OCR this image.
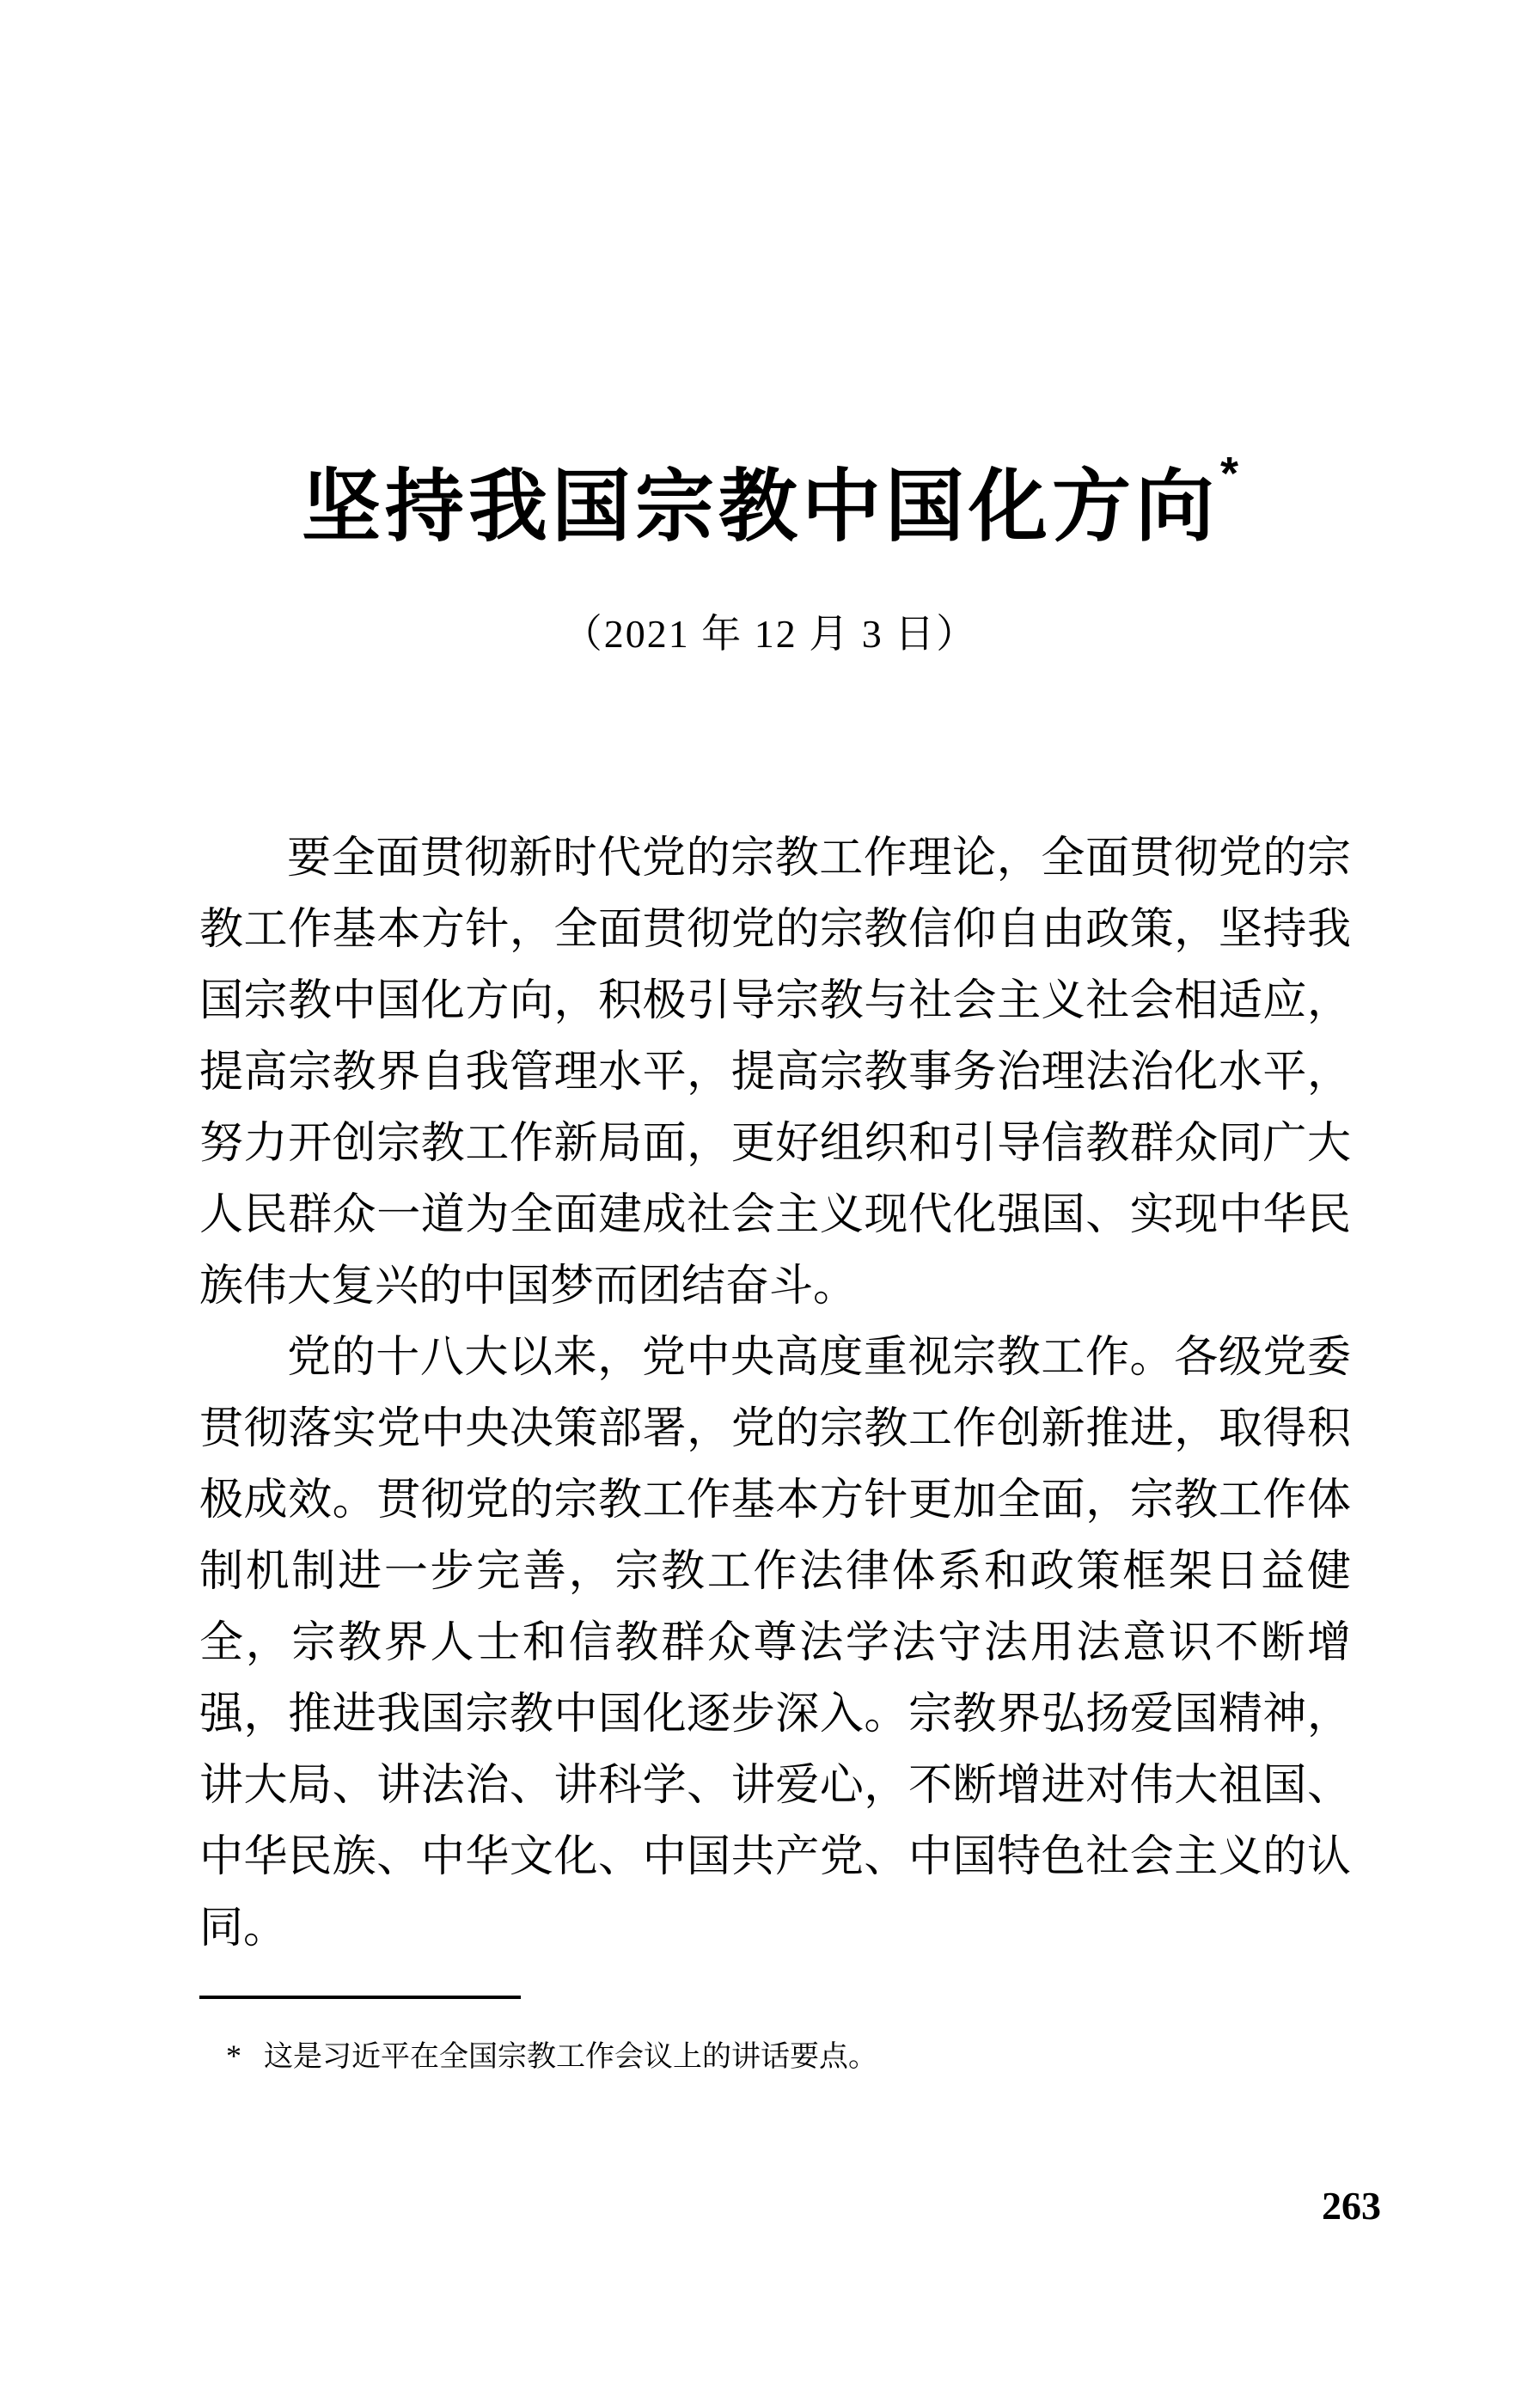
坚持我国宗教中国化方向*
（2021 年 12 月 3 日）

要全面贯彻新时代党的宗教工作理论，全面贯彻党的宗教工作基本方针，全面贯彻党的宗教信仰自由政策，坚持我国宗教中国化方向，积极引导宗教与社会主义社会相适应，提高宗教界自我管理水平，提高宗教事务治理法治化水平，努力开创宗教工作新局面，更好组织和引导信教群众同广大人民群众一道为全面建成社会主义现代化强国、实现中华民族伟大复兴的中国梦而团结奋斗。

党的十八大以来，党中央高度重视宗教工作。各级党委贯彻落实党中央决策部署，党的宗教工作创新推进，取得积极成效。贯彻党的宗教工作基本方针更加全面，宗教工作体制机制进一步完善，宗教工作法律体系和政策框架日益健全，宗教界人士和信教群众尊法学法守法用法意识不断增强，推进我国宗教中国化逐步深入。宗教界弘扬爱国精神，讲大局、讲法治、讲科学、讲爱心，不断增进对伟大祖国、中华民族、中华文化、中国共产党、中国特色社会主义的认同。

* 这是习近平在全国宗教工作会议上的讲话要点。
263
